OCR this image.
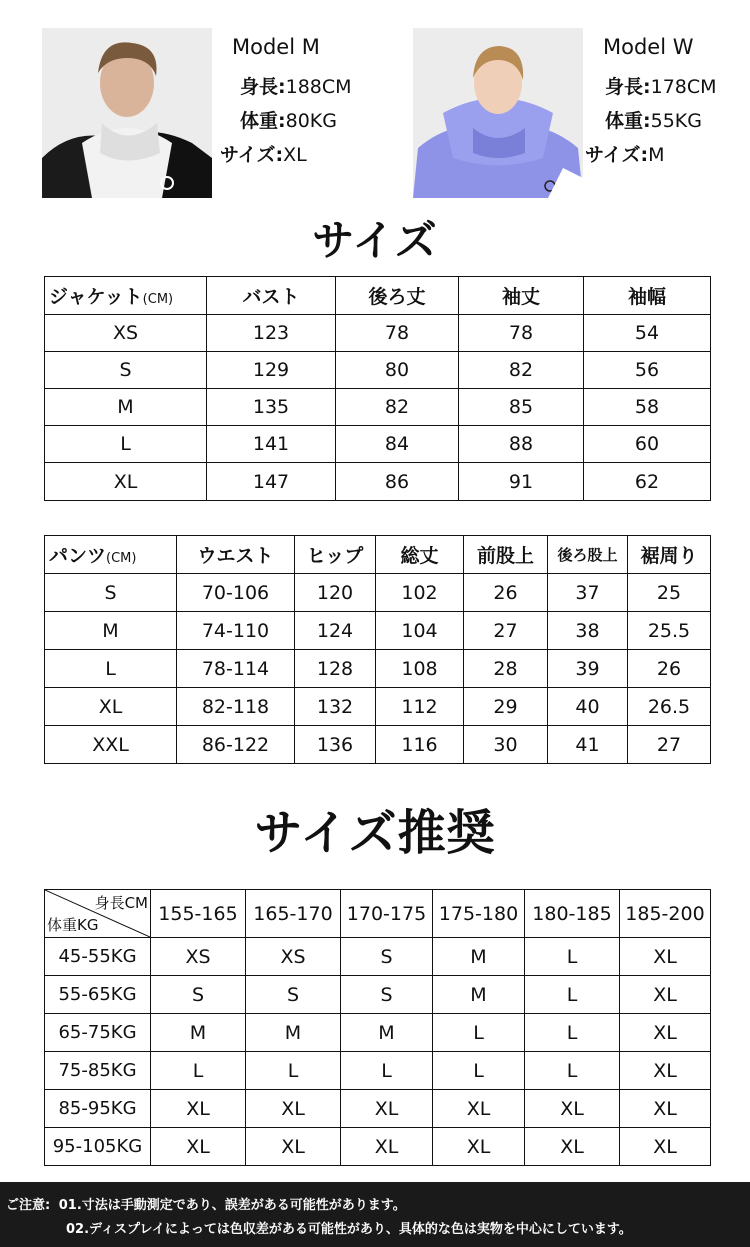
Model M
身長:188CM
体重:80KG
サイズ:XL
Model W
身長:178CM
体重:55KG
サイズ:M
サイズ
ジャケット(CM)	バスト	後ろ丈	袖丈	袖幅
XS	123	78	78	54
S	129	80	82	56
M	135	82	85	58
L	141	84	88	60
XL	147	86	91	62
パンツ(CM)	ウエスト	ヒップ	総丈	前股上	後ろ股上	裾周り
S	70-106	120	102	26	37	25
M	74-110	124	104	27	38	25.5
L	78-114	128	108	28	39	26
XL	82-118	132	112	29	40	26.5
XXL	86-122	136	116	30	41	27
サイズ推奨
身長CM
体重KG	155-165	165-170	170-175	175-180	180-185	185-200
45-55KG	XS	XS	S	M	L	XL
55-65KG	S	S	S	M	L	XL
65-75KG	M	M	M	L	L	XL
75-85KG	L	L	L	L	L	XL
85-95KG	XL	XL	XL	XL	XL	XL
95-105KG	XL	XL	XL	XL	XL	XL
ご注意: 01.寸法は手動測定であり、誤差がある可能性があります。
02.ディスプレイによっては色収差がある可能性があり、具体的な色は実物を中心にしています。
